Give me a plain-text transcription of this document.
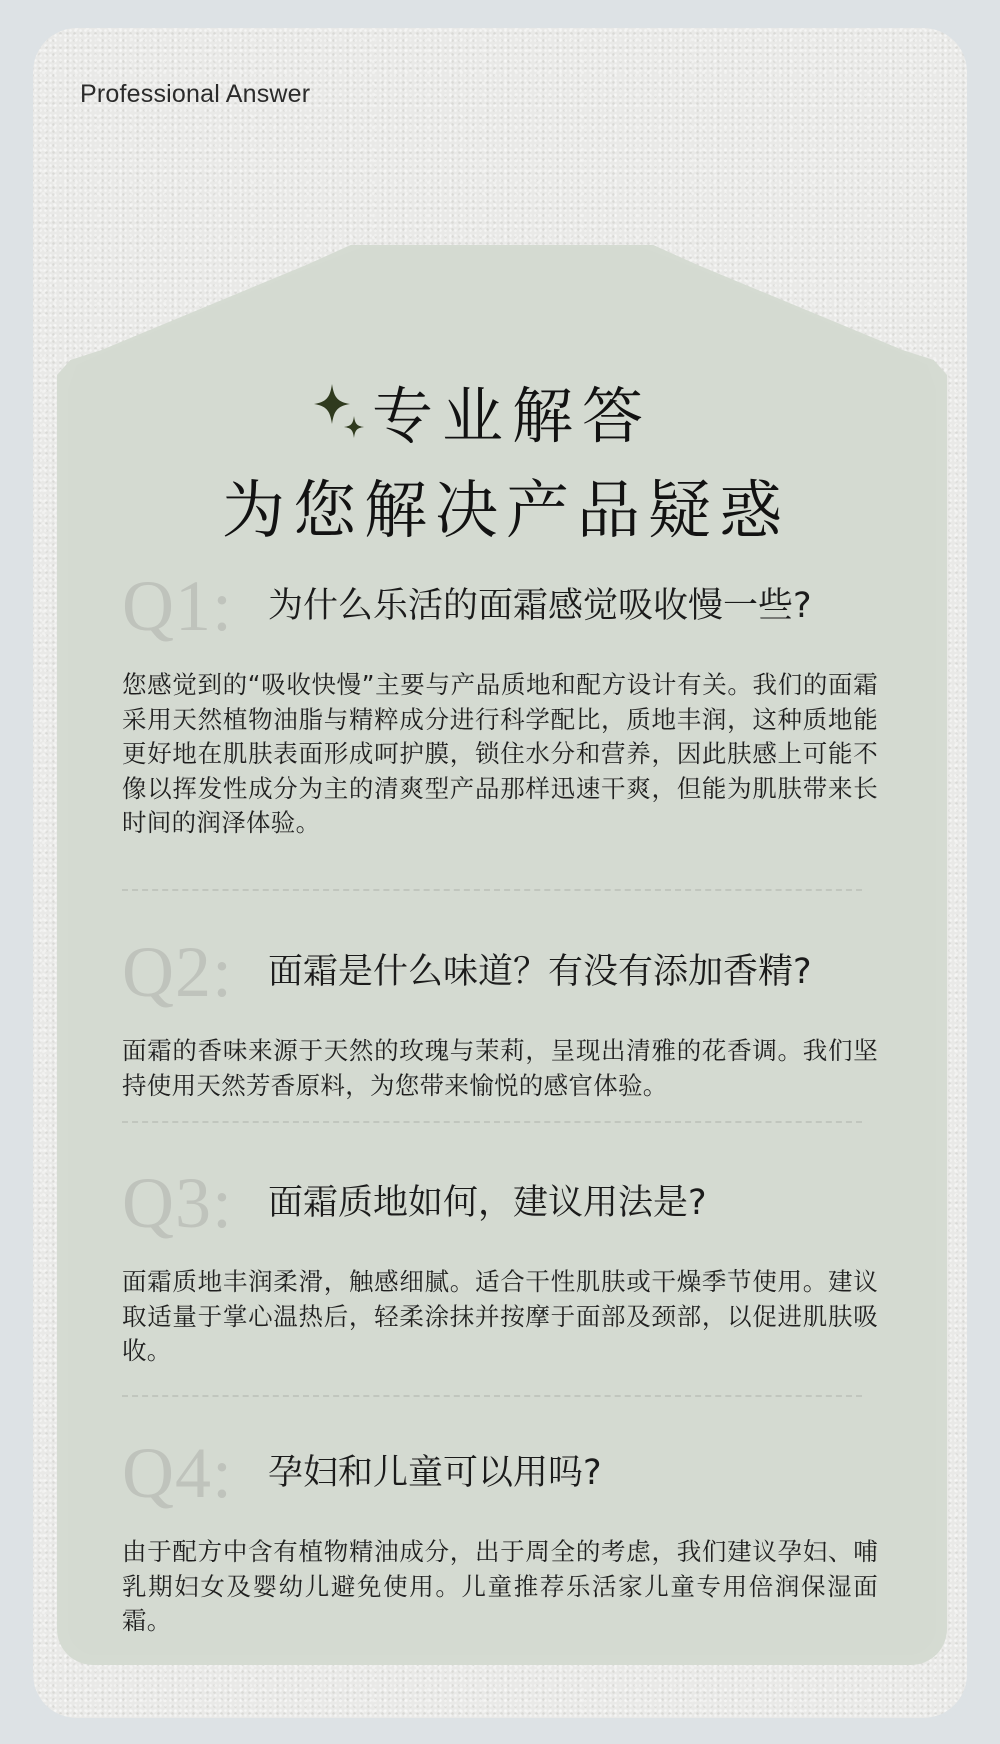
Professional Answer
专业解答
为您解决产品疑惑
Q1: 为什么乐活的面霜感觉吸收慢一些?
您感觉到的“吸收快慢”主要与产品质地和配方设计有关。我们的面霜采用天然植物油脂与精粹成分进行科学配比，质地丰润，这种质地能更好地在肌肤表面形成呵护膜，锁住水分和营养，因此肤感上可能不像以挥发性成分为主的清爽型产品那样迅速干爽，但能为肌肤带来长时间的润泽体验。
Q2: 面霜是什么味道？有没有添加香精?
面霜的香味来源于天然的玫瑰与茉莉，呈现出清雅的花香调。我们坚持使用天然芳香原料，为您带来愉悦的感官体验。
Q3: 面霜质地如何，建议用法是?
面霜质地丰润柔滑，触感细腻。适合干性肌肤或干燥季节使用。建议取适量于掌心温热后，轻柔涂抹并按摩于面部及颈部，以促进肌肤吸收。
Q4: 孕妇和儿童可以用吗?
由于配方中含有植物精油成分，出于周全的考虑，我们建议孕妇、哺乳期妇女及婴幼儿避免使用。儿童推荐乐活家儿童专用倍润保湿面霜。
